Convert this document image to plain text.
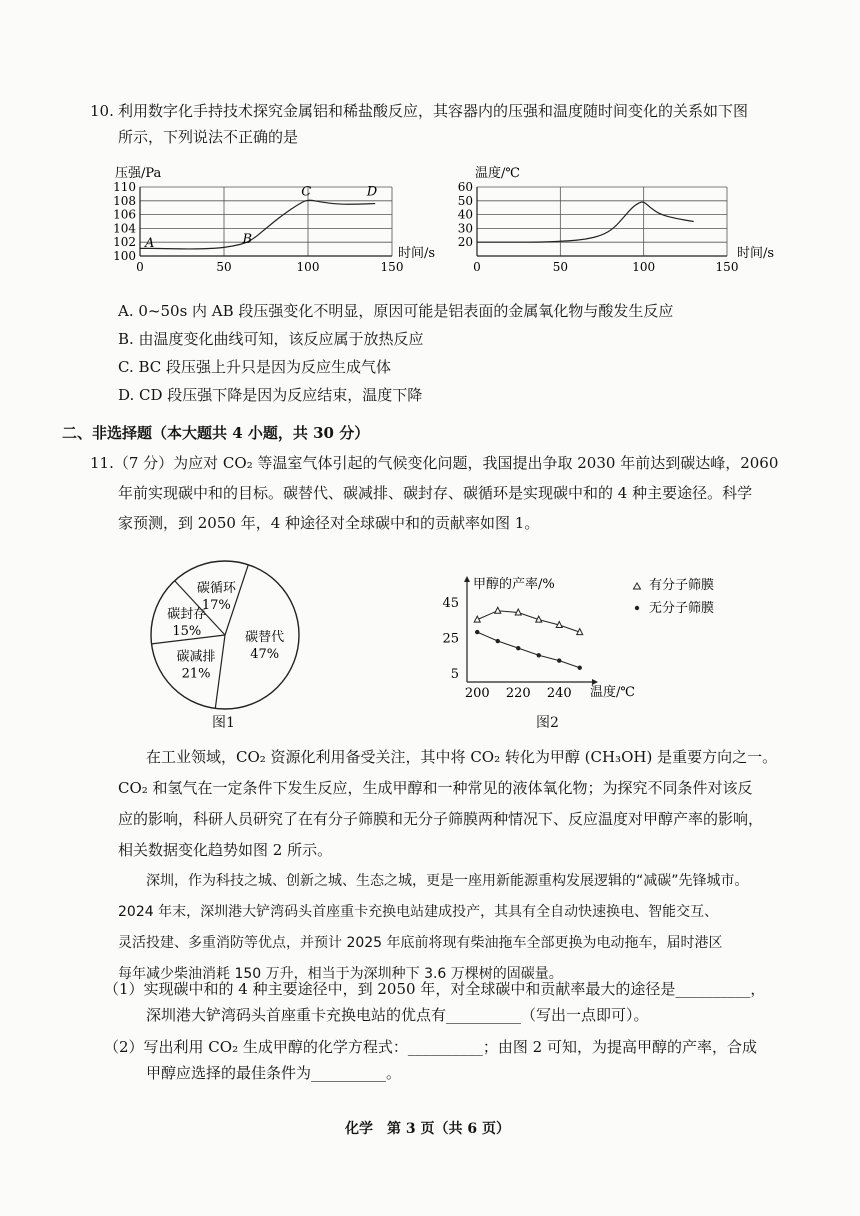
10. 利用数字化手持技术探究金属铝和稀盐酸反应，其容器内的压强和温度随时间变化的关系如下图
所示，下列说法不正确的是
压强/Pa
100
102
104
106
108
110
0	50	100	150
A	B
C	D
时间/s
温度/℃
20
30
40
50
60
0	50	100	150
时间/s
A. 0~50s 内 AB 段压强变化不明显，原因可能是铝表面的金属氧化物与酸发生反应
B. 由温度变化曲线可知，该反应属于放热反应
C. BC 段压强上升只是因为反应生成气体
D. CD 段压强下降是因为反应结束，温度下降
二、非选择题（本大题共 4 小题，共 30 分）
11.（7 分）为应对 CO₂ 等温室气体引起的气候变化问题，我国提出争取 2030 年前达到碳达峰，2060
年前实现碳中和的目标。碳替代、碳减排、碳封存、碳循环是实现碳中和的 4 种主要途径。科学
家预测，到 2050 年，4 种途径对全球碳中和的贡献率如图 1。
碳替代
47%
碳减排
21%
碳封存
15%
碳循环
17%
图1
甲醇的产率/%
5
25
45
200 220 240 温度/℃
有分子筛膜
无分子筛膜
图2
在工业领域，CO₂ 资源化利用备受关注，其中将 CO₂ 转化为甲醇 (CH₃OH) 是重要方向之一。
CO₂ 和氢气在一定条件下发生反应，生成甲醇和一种常见的液体氧化物；为探究不同条件对该反
应的影响，科研人员研究了在有分子筛膜和无分子筛膜两种情况下、反应温度对甲醇产率的影响，
相关数据变化趋势如图 2 所示。
深圳，作为科技之城、创新之城、生态之城，更是一座用新能源重构发展逻辑的“减碳”先锋城市。
2024 年末，深圳港大铲湾码头首座重卡充换电站建成投产，其具有全自动快速换电、智能交互、
灵活投建、多重消防等优点，并预计 2025 年底前将现有柴油拖车全部更换为电动拖车，届时港区
每年减少柴油消耗 150 万升，相当于为深圳种下 3.6 万棵树的固碳量。
（1）实现碳中和的 4 种主要途径中，到 2050 年，对全球碳中和贡献率最大的途径是__________，
深圳港大铲湾码头首座重卡充换电站的优点有__________（写出一点即可）。
（2）写出利用 CO₂ 生成甲醇的化学方程式：__________；由图 2 可知，为提高甲醇的产率，合成
甲醇应选择的最佳条件为__________。
化学　第 3 页（共 6 页）
